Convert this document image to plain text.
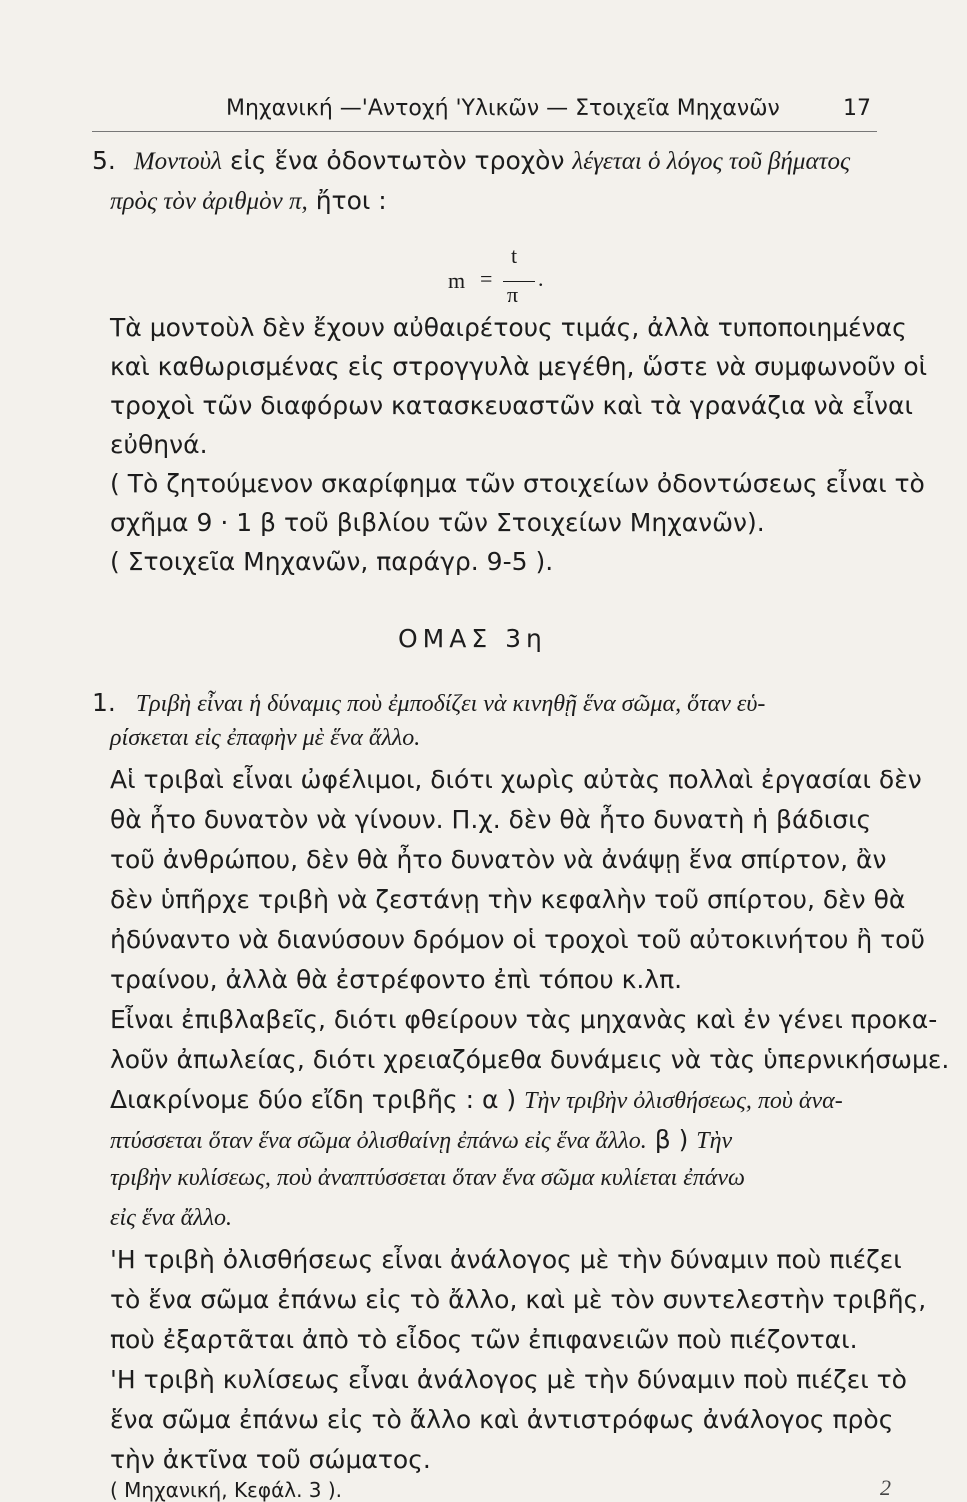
Μηχανική —'Αντοχή 'Υλικῶν — Στοιχεῖα Μηχανῶν	17
5. Μοντοὺλ εἰς ἕνα ὀδοντωτὸν τροχὸν λέγεται ὁ λόγος τοῦ βήματος
πρὸς τὸν ἀριθμὸν π, ἤτοι :
m =
t
π
.
Τὰ μοντοὺλ δὲν ἔχουν αὐθαιρέτους τιμάς, ἀλλὰ τυποποιημένας
καὶ καθωρισμένας εἰς στρογγυλὰ μεγέθη, ὥστε νὰ συμφωνοῦν οἱ
τροχοὶ τῶν διαφόρων κατασκευαστῶν καὶ τὰ γρανάζια νὰ εἶναι
εὐθηνά.
( Τὸ ζητούμενον σκαρίφημα τῶν στοιχείων ὀδοντώσεως εἶναι τὸ
σχῆμα 9 · 1 β τοῦ βιβλίου τῶν Στοιχείων Μηχανῶν).
( Στοιχεῖα Μηχανῶν, παράγρ. 9-5 ).
ΟΜΑΣ 3η
1. Τριβὴ εἶναι ἡ δύναμις ποὺ ἐμποδίζει νὰ κινηθῇ ἕνα σῶμα, ὅταν εὑ-
ρίσκεται εἰς ἐπαφὴν μὲ ἕνα ἄλλο.
Αἱ τριβαὶ εἶναι ὠφέλιμοι, διότι χωρὶς αὐτὰς πολλαὶ ἐργασίαι δὲν
θὰ ἦτο δυνατὸν νὰ γίνουν. Π.χ. δὲν θὰ ἦτο δυνατὴ ἡ βάδισις
τοῦ ἀνθρώπου, δὲν θὰ ἦτο δυνατὸν νὰ ἀνάψῃ ἕνα σπίρτον, ἂν
δὲν ὑπῆρχε τριβὴ νὰ ζεστάνῃ τὴν κεφαλὴν τοῦ σπίρτου, δὲν θὰ
ἠδύναντο νὰ διανύσουν δρόμον οἱ τροχοὶ τοῦ αὐτοκινήτου ἢ τοῦ
τραίνου, ἀλλὰ θὰ ἐστρέφοντο ἐπὶ τόπου κ.λπ.
Εἶναι ἐπιβλαβεῖς, διότι φθείρουν τὰς μηχανὰς καὶ ἐν γένει προκα-
λοῦν ἀπωλείας, διότι χρειαζόμεθα δυνάμεις νὰ τὰς ὑπερνικήσωμε.
Διακρίνομε δύο εἴδη τριβῆς : α ) Τὴν τριβὴν ὀλισθήσεως, ποὺ ἀνα-
πτύσσεται ὅταν ἕνα σῶμα ὀλισθαίνῃ ἐπάνω εἰς ἕνα ἄλλο. β ) Τὴν
τριβὴν κυλίσεως, ποὺ ἀναπτύσσεται ὅταν ἕνα σῶμα κυλίεται ἐπάνω
εἰς ἕνα ἄλλο.
'Η τριβὴ ὀλισθήσεως εἶναι ἀνάλογος μὲ τὴν δύναμιν ποὺ πιέζει
τὸ ἕνα σῶμα ἐπάνω εἰς τὸ ἄλλο, καὶ μὲ τὸν συντελεστὴν τριβῆς,
ποὺ ἐξαρτᾶται ἀπὸ τὸ εἶδος τῶν ἐπιφανειῶν ποὺ πιέζονται.
'Η τριβὴ κυλίσεως εἶναι ἀνάλογος μὲ τὴν δύναμιν ποὺ πιέζει τὸ
ἕνα σῶμα ἐπάνω εἰς τὸ ἄλλο καὶ ἀντιστρόφως ἀνάλογος πρὸς
τὴν ἀκτῖνα τοῦ σώματος.
( Μηχανική, Κεφάλ. 3 ).	2
